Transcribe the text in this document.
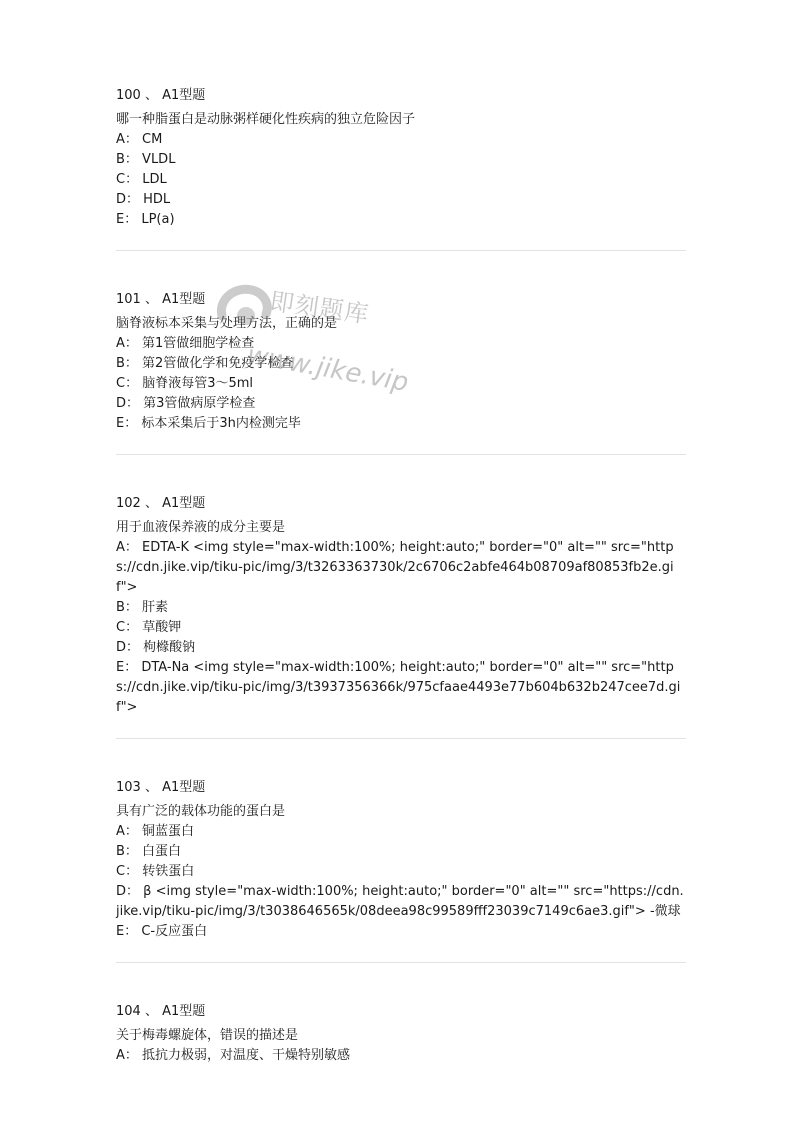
100 、 A1型题
哪一种脂蛋白是动脉粥样硬化性疾病的独立危险因子
A： CM
B： VLDL
C： LDL
D： HDL
E： LP(a)
101 、 A1型题
脑脊液标本采集与处理方法，正确的是
A： 第1管做细胞学检查
B： 第2管做化学和免疫学检查
C： 脑脊液每管3～5ml
D： 第3管做病原学检查
E： 标本采集后于3h内检测完毕
102 、 A1型题
用于血液保养液的成分主要是
A： EDTA-K <img style="max-width:100%; height:auto;" border="0" alt="" src="https://cdn.jike.vip/tiku-pic/img/3/t3263363730k/2c6706c2abfe464b08709af80853fb2e.gif">
B： 肝素
C： 草酸钾
D： 枸橼酸钠
E： DTA-Na <img style="max-width:100%; height:auto;" border="0" alt="" src="https://cdn.jike.vip/tiku-pic/img/3/t3937356366k/975cfaae4493e77b604b632b247cee7d.gif">
103 、 A1型题
具有广泛的载体功能的蛋白是
A： 铜蓝蛋白
B： 白蛋白
C： 转铁蛋白
D： β <img style="max-width:100%; height:auto;" border="0" alt="" src="https://cdn.jike.vip/tiku-pic/img/3/t3038646565k/08deea98c99589fff23039c7149c6ae3.gif"> -微球
E： C-反应蛋白
104 、 A1型题
关于梅毒螺旋体，错误的描述是
A： 抵抗力极弱，对温度、干燥特别敏感
即刻题库
www.jike.vip
